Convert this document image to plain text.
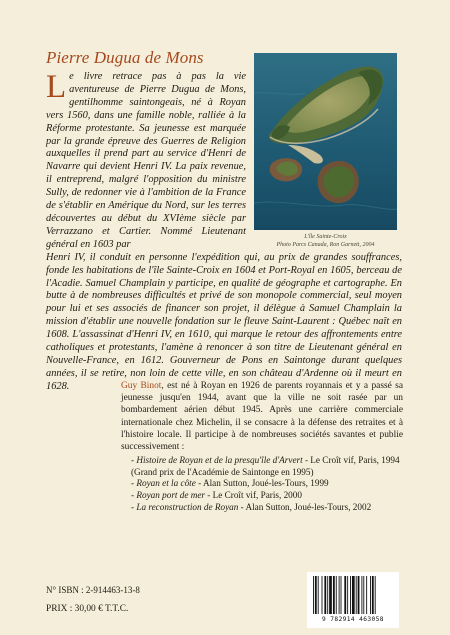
Pierre Dugua de Mons
L'île Sainte-Croix
Photo Parcs Canada, Ron Garnett, 2004

Le livre retrace pas à pas la vie aventureuse de Pierre Dugua de Mons, gentilhomme saintongeais, né à Royan vers 1560, dans une famille noble, ralliée à la Réforme protestante. Sa jeunesse est marquée par la grande épreuve des Guerres de Religion auxquelles il prend part au service d'Henri de Navarre qui devient Henri IV. La paix revenue, il entreprend, malgré l'opposition du ministre Sully, de redonner vie à l'ambition de la France de s'établir en Amérique du Nord, sur les terres découvertes au début du XVIème siècle par Verrazzano et Cartier. Nommé Lieutenant général en 1603 par

Henri IV, il conduit en personne l'expédition qui, au prix de grandes souffrances, fonde les habitations de l'île Sainte-Croix en 1604 et Port-Royal en 1605, berceau de l'Acadie. Samuel Champlain y participe, en qualité de géographe et cartographe. En butte à de nombreuses difficultés et privé de son monopole commercial, seul moyen pour lui et ses associés de financer son projet, il délègue à Samuel Champlain la mission d'établir une nouvelle fondation sur le fleuve Saint-Laurent : Québec naît en 1608. L'assassinat d'Henri IV, en 1610, qui marque le retour des affrontements entre catholiques et protestants, l'amène à renoncer à son titre de Lieutenant général en Nouvelle-France, en 1612. Gouverneur de Pons en Saintonge durant quelques années, il se retire, non loin de cette ville, en son château d'Ardenne où il meurt en 1628.	Guy Binot, est né à Royan en 1926 de parents royannais et y a passé sa jeunesse jusqu'en 1944, avant que la ville ne soit rasée par un bombardement aérien début 1945. Après une carrière commerciale internationale chez Michelin, il se consacre à la défense des retraites et à l'histoire locale. Il participe à de nombreuses sociétés savantes et publie successivement :
- Histoire de Royan et de la presqu'île d'Arvert - Le Croît vif, Paris, 1994 (Grand prix de l'Académie de Saintonge en 1995)
- Royan et la côte - Alan Sutton, Joué-les-Tours, 1999
- Royan port de mer - Le Croît vif, Paris, 2000
- La reconstruction de Royan - Alan Sutton, Joué-les-Tours, 2002
N° ISBN : 2-914463-13-8
PRIX : 30,00 € T.T.C.
9 782914 463058
